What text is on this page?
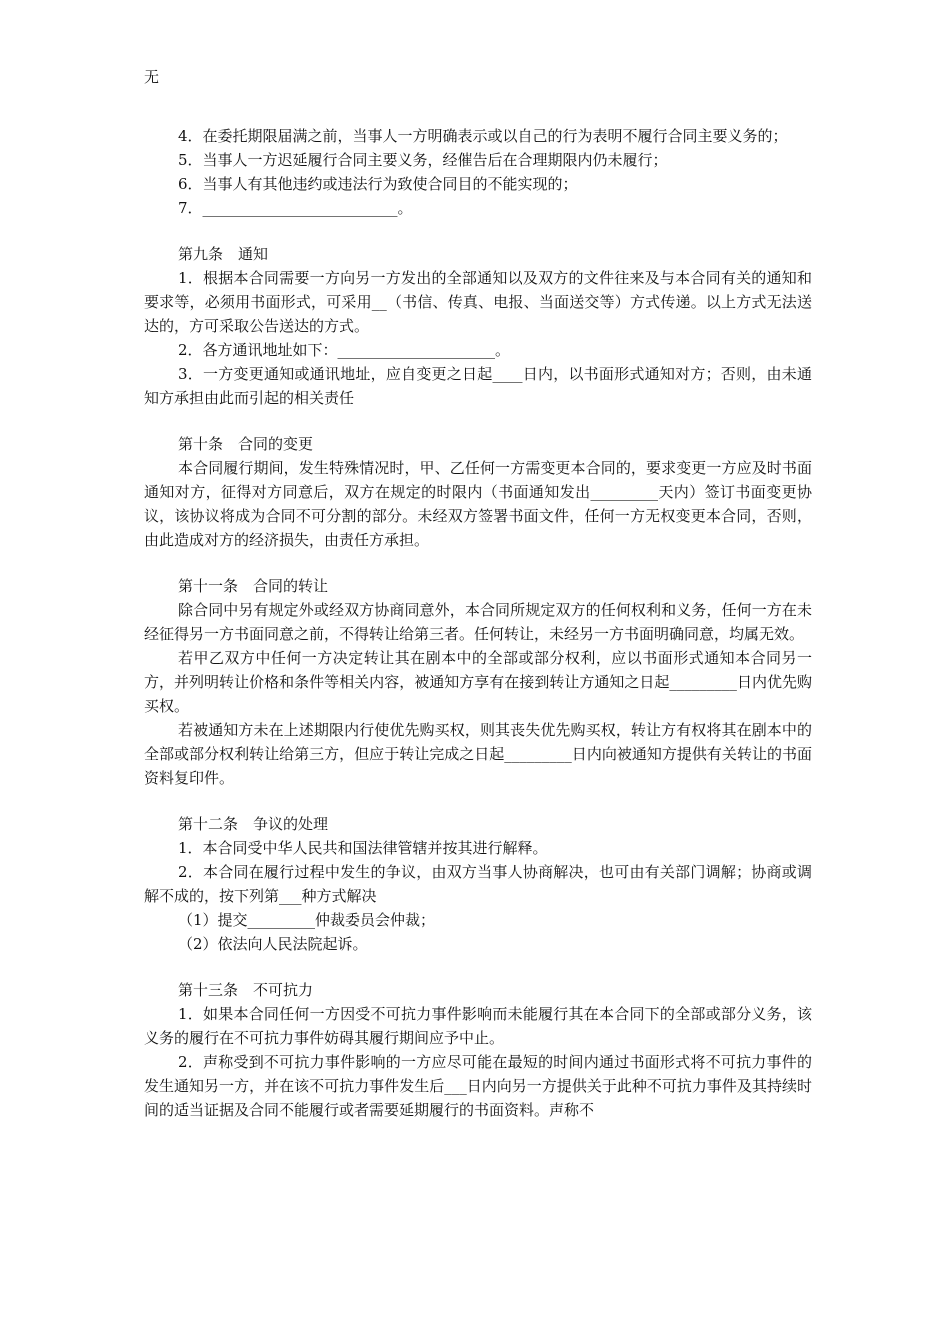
无

4．在委托期限届满之前，当事人一方明确表示或以自己的行为表明不履行合同主要义务的；

5．当事人一方迟延履行合同主要义务，经催告后在合理期限内仍未履行；

6．当事人有其他违约或违法行为致使合同目的不能实现的；

7．__________________________。

第九条　通知

1．根据本合同需要一方向另一方发出的全部通知以及双方的文件往来及与本合同有关的通知和要求等，必须用书面形式，可采用__（书信、传真、电报、当面送交等）方式传递。以上方式无法送达的，方可采取公告送达的方式。

2．各方通讯地址如下：_____________________。

3．一方变更通知或通讯地址，应自变更之日起____日内，以书面形式通知对方；否则，由未通知方承担由此而引起的相关责任

第十条　合同的变更

本合同履行期间，发生特殊情况时，甲、乙任何一方需变更本合同的，要求变更一方应及时书面通知对方，征得对方同意后，双方在规定的时限内（书面通知发出_________天内）签订书面变更协议，该协议将成为合同不可分割的部分。未经双方签署书面文件，任何一方无权变更本合同，否则，由此造成对方的经济损失，由责任方承担。

第十一条　合同的转让

除合同中另有规定外或经双方协商同意外，本合同所规定双方的任何权利和义务，任何一方在未经征得另一方书面同意之前，不得转让给第三者。任何转让，未经另一方书面明确同意，均属无效。

若甲乙双方中任何一方决定转让其在剧本中的全部或部分权利，应以书面形式通知本合同另一方，并列明转让价格和条件等相关内容，被通知方享有在接到转让方通知之日起_________日内优先购买权。

若被通知方未在上述期限内行使优先购买权，则其丧失优先购买权，转让方有权将其在剧本中的全部或部分权利转让给第三方，但应于转让完成之日起_________日内向被通知方提供有关转让的书面资料复印件。

第十二条　争议的处理

1．本合同受中华人民共和国法律管辖并按其进行解释。

2．本合同在履行过程中发生的争议，由双方当事人协商解决，也可由有关部门调解；协商或调解不成的，按下列第___种方式解决

（1）提交_________仲裁委员会仲裁；

（2）依法向人民法院起诉。

第十三条　不可抗力

1．如果本合同任何一方因受不可抗力事件影响而未能履行其在本合同下的全部或部分义务，该义务的履行在不可抗力事件妨碍其履行期间应予中止。

2．声称受到不可抗力事件影响的一方应尽可能在最短的时间内通过书面形式将不可抗力事件的发生通知另一方，并在该不可抗力事件发生后___日内向另一方提供关于此种不可抗力事件及其持续时间的适当证据及合同不能履行或者需要延期履行的书面资料。声称不
